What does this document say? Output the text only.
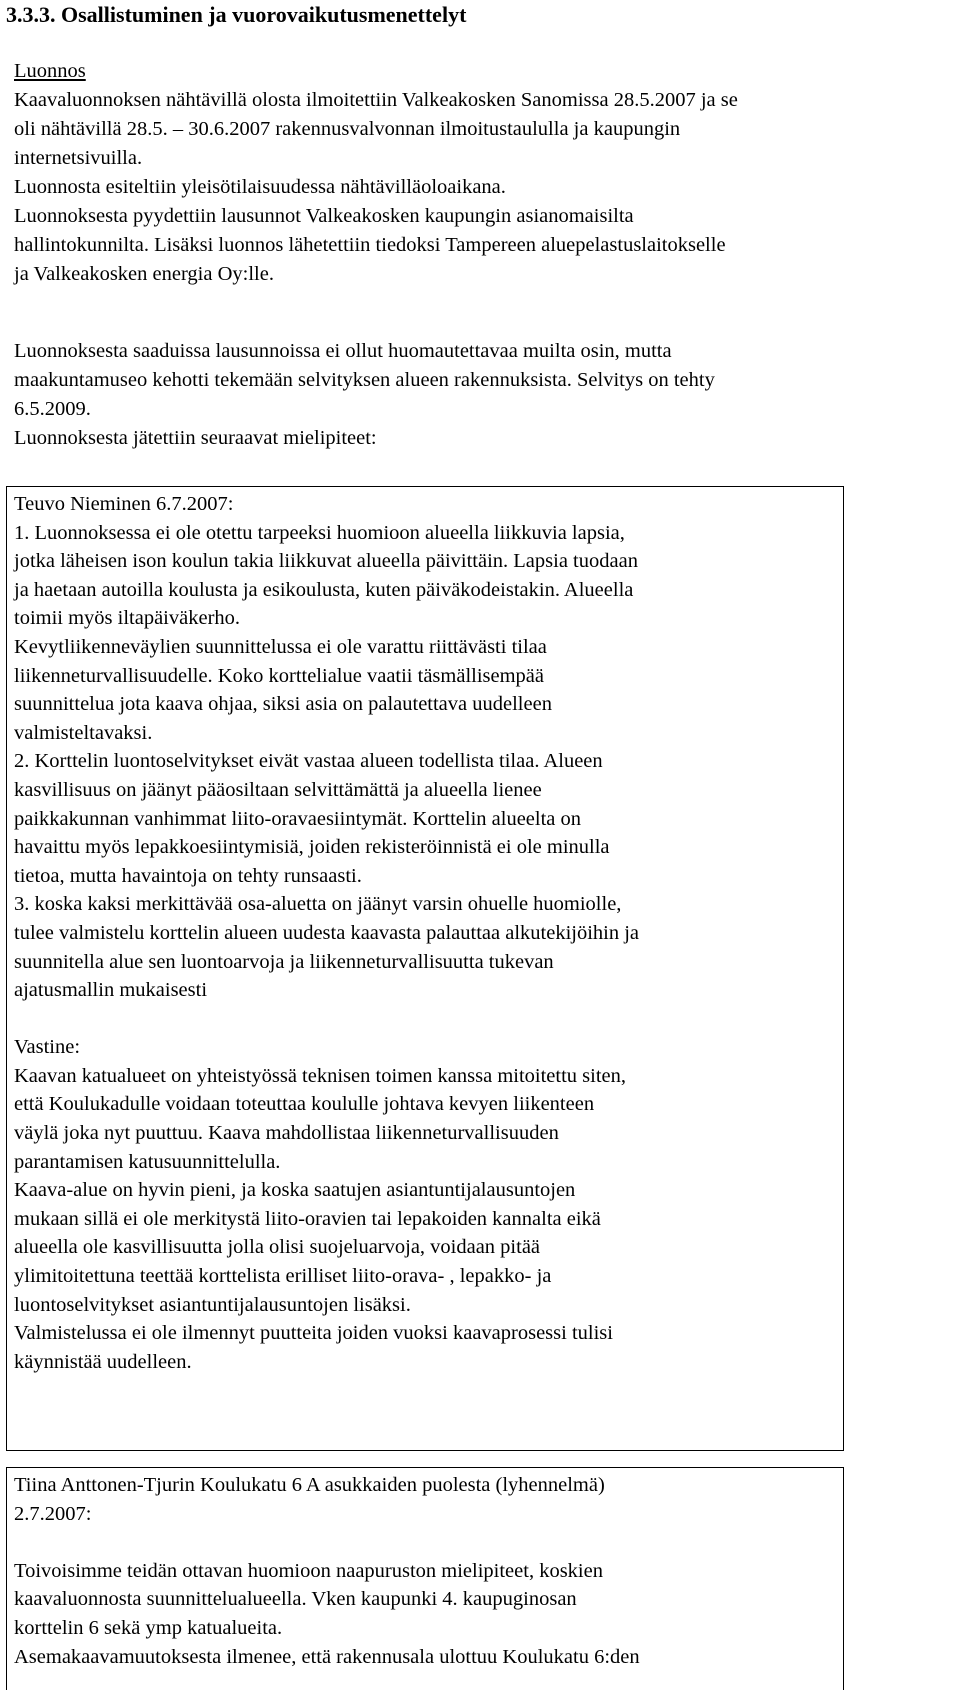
3.3.3. Osallistuminen ja vuorovaikutusmenettelyt

Luonnos

Kaavaluonnoksen nähtävillä olosta ilmoitettiin Valkeakosken Sanomissa 28.5.2007 ja se

oli nähtävillä 28.5. – 30.6.2007 rakennusvalvonnan ilmoitustaululla ja kaupungin

internetsivuilla.

Luonnosta esiteltiin yleisötilaisuudessa nähtävilläoloaikana.

Luonnoksesta pyydettiin lausunnot Valkeakosken kaupungin asianomaisilta

hallintokunnilta. Lisäksi luonnos lähetettiin tiedoksi Tampereen aluepelastuslaitokselle

ja Valkeakosken energia Oy:lle.

Luonnoksesta saaduissa lausunnoissa ei ollut huomautettavaa muilta osin, mutta

maakuntamuseo kehotti tekemään selvityksen alueen rakennuksista. Selvitys on tehty

6.5.2009.

Luonnoksesta jätettiin seuraavat mielipiteet:

Teuvo Nieminen 6.7.2007:

1. Luonnoksessa ei ole otettu tarpeeksi huomioon alueella liikkuvia lapsia,

jotka läheisen ison koulun takia liikkuvat alueella päivittäin. Lapsia tuodaan

ja haetaan autoilla koulusta ja esikoulusta, kuten päiväkodeistakin. Alueella

toimii myös iltapäiväkerho.

Kevytliikenneväylien suunnittelussa ei ole varattu riittävästi tilaa

liikenneturvallisuudelle. Koko korttelialue vaatii täsmällisempää

suunnittelua jota kaava ohjaa, siksi asia on palautettava uudelleen

valmisteltavaksi.

2. Korttelin luontoselvitykset eivät vastaa alueen todellista tilaa. Alueen

kasvillisuus on jäänyt pääosiltaan selvittämättä ja alueella lienee

paikkakunnan vanhimmat liito-oravaesiintymät. Korttelin alueelta on

havaittu myös lepakkoesiintymisiä, joiden rekisteröinnistä ei ole minulla

tietoa, mutta havaintoja on tehty runsaasti.

3. koska kaksi merkittävää osa-aluetta on jäänyt varsin ohuelle huomiolle,

tulee valmistelu korttelin alueen uudesta kaavasta palauttaa alkutekijöihin ja

suunnitella alue sen luontoarvoja ja liikenneturvallisuutta tukevan

ajatusmallin mukaisesti

Vastine:

Kaavan katualueet on yhteistyössä teknisen toimen kanssa mitoitettu siten,

että Koulukadulle voidaan toteuttaa koululle johtava kevyen liikenteen

väylä joka nyt puuttuu. Kaava mahdollistaa liikenneturvallisuuden

parantamisen katusuunnittelulla.

Kaava-alue on hyvin pieni, ja koska saatujen asiantuntijalausuntojen

mukaan sillä ei ole merkitystä liito-oravien tai lepakoiden kannalta eikä

alueella ole kasvillisuutta jolla olisi suojeluarvoja, voidaan pitää

ylimitoitettuna teettää korttelista erilliset liito-orava- , lepakko- ja

luontoselvitykset asiantuntijalausuntojen lisäksi.

Valmistelussa ei ole ilmennyt puutteita joiden vuoksi kaavaprosessi tulisi

käynnistää uudelleen.

Tiina Anttonen-Tjurin Koulukatu 6 A asukkaiden puolesta (lyhennelmä)

2.7.2007:

Toivoisimme teidän ottavan huomioon naapuruston mielipiteet, koskien

kaavaluonnosta suunnittelualueella. Vken kaupunki 4. kaupuginosan

korttelin 6 sekä ymp katualueita.

Asemakaavamuutoksesta ilmenee, että rakennusala ulottuu Koulukatu 6:den
